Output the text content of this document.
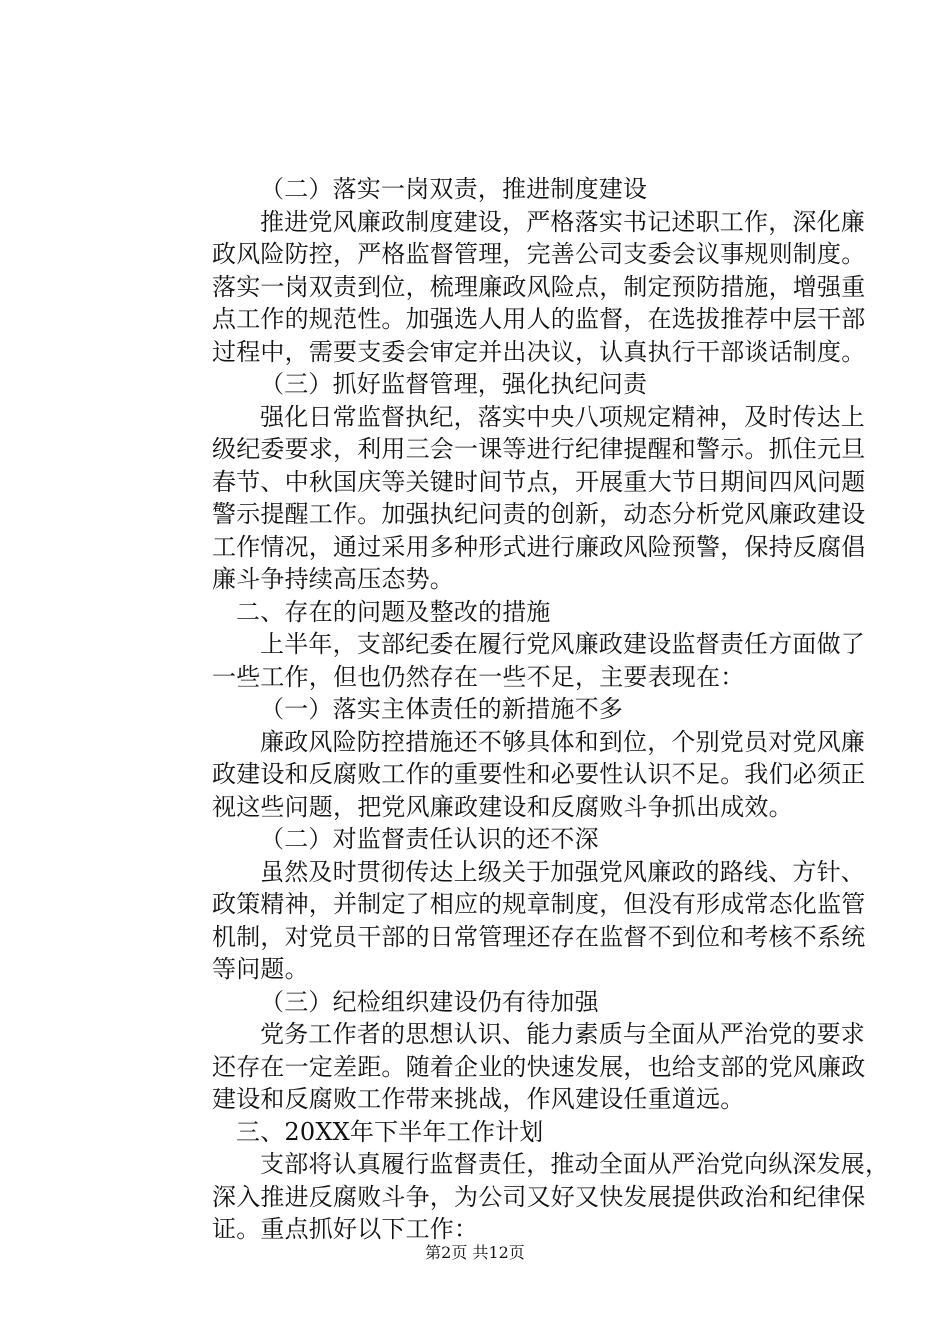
（二）落实一岗双责，推进制度建设
推进党风廉政制度建设，严格落实书记述职工作，深化廉
政风险防控，严格监督管理，完善公司支委会议事规则制度。
落实一岗双责到位，梳理廉政风险点，制定预防措施，增强重
点工作的规范性。加强选人用人的监督，在选拔推荐中层干部
过程中，需要支委会审定并出决议，认真执行干部谈话制度。
（三）抓好监督管理，强化执纪问责
强化日常监督执纪，落实中央八项规定精神，及时传达上
级纪委要求，利用三会一课等进行纪律提醒和警示。抓住元旦
春节、中秋国庆等关键时间节点，开展重大节日期间四风问题
警示提醒工作。加强执纪问责的创新，动态分析党风廉政建设
工作情况，通过采用多种形式进行廉政风险预警，保持反腐倡
廉斗争持续高压态势。
二、存在的问题及整改的措施
上半年，支部纪委在履行党风廉政建设监督责任方面做了
一些工作，但也仍然存在一些不足，主要表现在：
（一）落实主体责任的新措施不多
廉政风险防控措施还不够具体和到位，个别党员对党风廉
政建设和反腐败工作的重要性和必要性认识不足。我们必须正
视这些问题，把党风廉政建设和反腐败斗争抓出成效。
（二）对监督责任认识的还不深
虽然及时贯彻传达上级关于加强党风廉政的路线、方针、
政策精神，并制定了相应的规章制度，但没有形成常态化监管
机制，对党员干部的日常管理还存在监督不到位和考核不系统
等问题。
（三）纪检组织建设仍有待加强
党务工作者的思想认识、能力素质与全面从严治党的要求
还存在一定差距。随着企业的快速发展，也给支部的党风廉政
建设和反腐败工作带来挑战，作风建设任重道远。
三、20XX年下半年工作计划
支部将认真履行监督责任，推动全面从严治党向纵深发展，
深入推进反腐败斗争，为公司又好又快发展提供政治和纪律保
证。重点抓好以下工作：
第2页 共12页
